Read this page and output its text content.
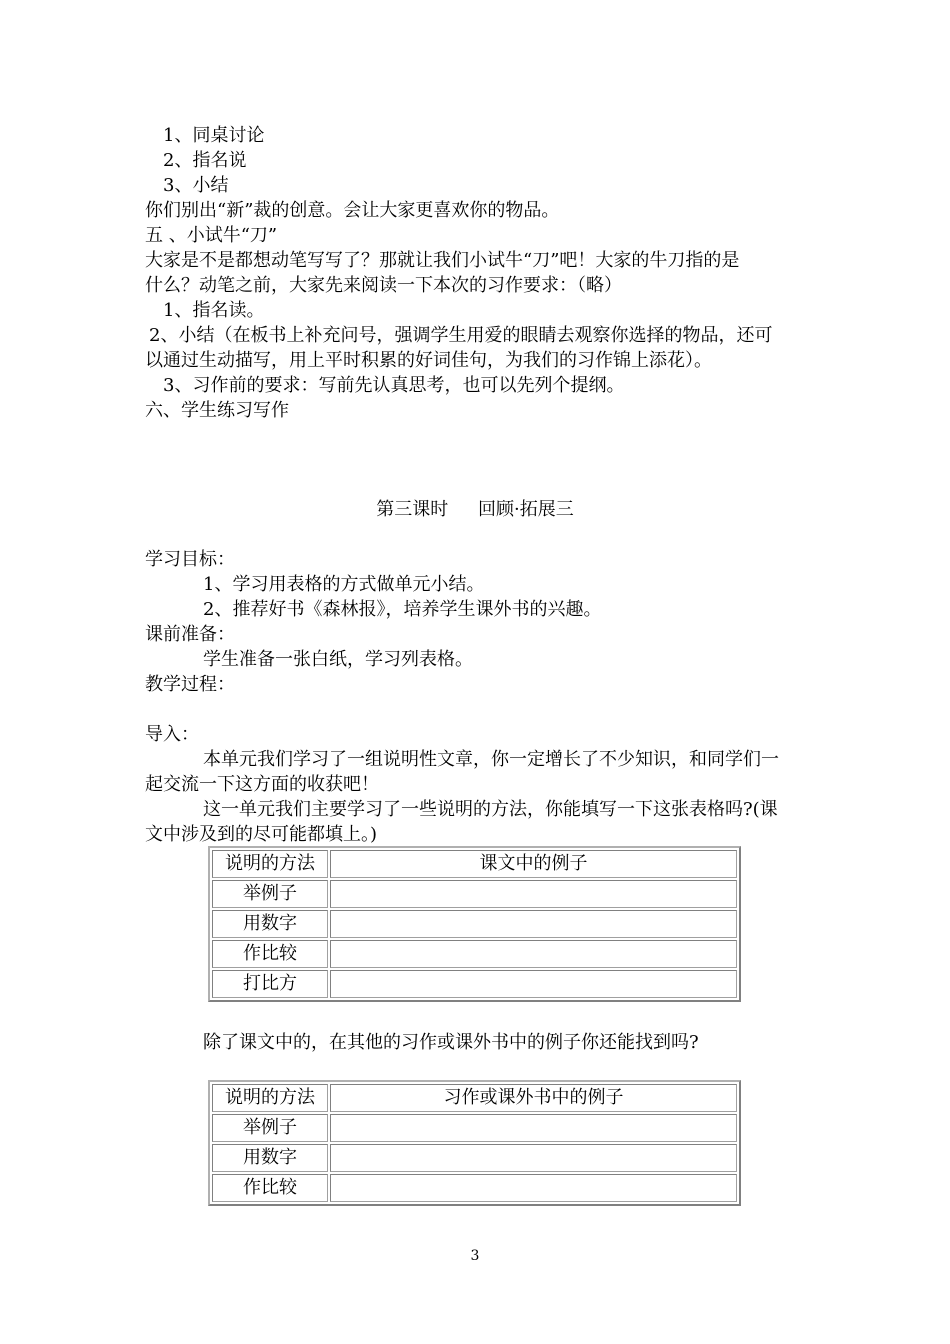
1、同桌讨论
2、指名说
3、小结
你们别出“新”裁的创意。会让大家更喜欢你的物品。
五 、小试牛“刀”
大家是不是都想动笔写写了？那就让我们小试牛“刀”吧！大家的牛刀指的是
什么？动笔之前，大家先来阅读一下本次的习作要求：（略）
1、指名读。
2、小结（在板书上补充问号，强调学生用爱的眼睛去观察你选择的物品，还可
以通过生动描写，用上平时积累的好词佳句，为我们的习作锦上添花）。
3、习作前的要求：写前先认真思考，也可以先列个提纲。
六、学生练习写作
第三课时 回顾·拓展三
学习目标：
1、学习用表格的方式做单元小结。
2、推荐好书《森林报》，培养学生课外书的兴趣。
课前准备：
学生准备一张白纸，学习列表格。
教学过程：
导入：
本单元我们学习了一组说明性文章，你一定增长了不少知识，和同学们一
起交流一下这方面的收获吧！
这一单元我们主要学习了一些说明的方法，你能填写一下这张表格吗?(课
文中涉及到的尽可能都填上。)
除了课文中的，在其他的习作或课外书中的例子你还能找到吗?
说明的方法	课文中的例子
举例子	
用数字	
作比较	
打比方	
说明的方法	习作或课外书中的例子
举例子	
用数字	
作比较	
3
